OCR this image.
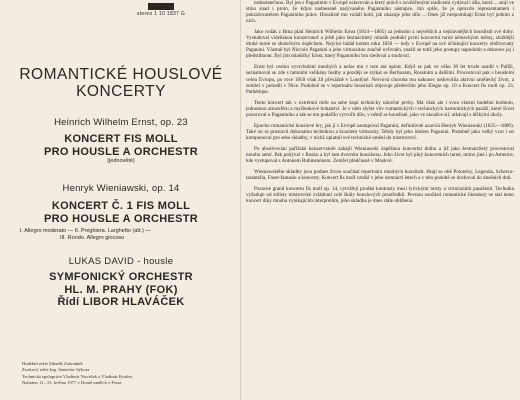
stereo 1 10 1837 G
ROMANTICKÉ HOUSLOVÉ
KONCERTY
Heinrich Wilhelm Ernst, op. 23
KONCERT FIS MOLL
PRO HOUSLE A ORCHESTR
(jednověté)
Henryk Wieniawski, op. 14
KONCERT Č. 1 FIS MOLL
PRO HOUSLE A ORCHESTR
I. Allegro moderato — II. Preghiera. Larghetto (att.) —
III. Rondo. Allegro giocoso
LUKAS DAVID - housle
SYMFONICKÝ ORCHESTR
HL. M. PRAHY (FOK)
Řídí LIBOR HLAVÁČEK
Hudební režie Zdeněk Zahradník
Zvukový režie Ing. Stanislav Sýkora
Technická spolupráce Vladimír Nováček a Vladimír Krafter
Nahráno 11.–13. května 1977 v Domě umělců v Praze

nedostatečnou. Byl jen s Paganinim v Evropě oslavován a který právě s osvědčenými tradicemi vydával i díla, která ... stojí ve stínu snad i proto, že kdysi nadneseně nazývaného Paganiniho nástupce, tím spíše, že je opravdu reprezentantem i pokračovatelem Paganiniho práce. Houslisté mu vzdali hold, jak ukazuje jeho dílo ... Dnes již neopomínají Ernst byl jedním z nich.

Jako rodák z Brna platí Heinrich Wilhelm Ernst (1814—1865) za jednoho z největších a nejslavnějších houslistů své doby. Vystudoval vídeňskou konzervatoř a ještě jako šestnáctiletý mladík podnikl první koncertní turné německými městy, složitější druhé turné se skutečným úspěchem. Nejvíce bádal kolem roku 1830 — tedy v Evropě na své účinkující koncerty obdivovaný Paganini. Vlastně byl Niccolo Paganini a jeho virtuozitou značně ovlivněn, snažil se totiž jeho postupy napodobit a dokonce jej i předstihnout. Byl jím mladičký Ernst, který Paganiniho hru sledoval a studoval.

Ernst byl cestou vyvrcholení mnohých a nelze mu v tom ani upírat. Když se pak ve věku 30 let trvale usadil v Paříži, seznamoval se zde s tamními velikány hudby a později se stýkal se Berliozem, Rossinim a dalšími. Procestoval pak s houslemi celou Evropu, po roce 1850 však žil převážně v Londýně. Nervová choroba mu nakonec nedovolila aktivní umělecký život, a zemřel v pohodlí v Nice. Podobně se v repertoáru houslistů objevuje především jeho Elegie op. 10 a Koncert fis moll op. 23, Pathétique.

Tento koncert tak v extrémní míře na sebe kupí technicky náročné prvky. Má však ale i svou vlastní hudební hodnotu, jednotnou atmosféru a myšlenkové bohatství. Je v něm slyšet vliv romantických i technických harmonických pasáží, které Ernst pozoroval u Paganiniho a tak se mu podařilo vytvořit dílo, v němž se houslisté, jako ve zkoušce sil, utkávají s těžkými úkoly.

Epochu romantické houslové hry, jak ji v Evropě zastupoval Paganini, definitivně uzavírá Henryk Wieniawski (1835—1880). Také on se proslavil dokonalou technikou a kouzlem virtuozity. Tehdy byl jeho idolem Paganini. Podobně jako velký vzor i on komponoval pro sebe skladby, v nichž uplatnil své technické umění do mistrovství.

Po absolvování pařížské konzervatoře zahájil Wieniawski úspěšnou koncertní dráhu a již jako šestnáctiletý procestoval mnoho zemí. Pak pobýval v Rusku a byl tam dvorním houslistou. Jeho život byl plný koncertních turné, mimo jiné i po Americe, kde vystupoval s Antonem Rubinsteinem. Zemřel předčasně v Moskvě.

Wieniawského skladby jsou podnes živou součástí repertoáru mnohých houslistů. Hrají se obě Polonézy, Legenda, Scherzo-tarantella, Faust-fantasie a koncerty. Koncert fis moll vznikl v jeho osmnácti letech a v této podobě se dochoval do dnešních dnů.

Pozorné grand koncertu fis moll op. 14, vytvářejí prudké kontrasty mezi lyrickými místy a virtuózními pasážemi. Technika vyžaduje od sólisty mistrovské zvládnutí celé škály houslových prostředků. Pevnou součástí romantické literatury se stal tento koncert díky mnoha vynikajícím interpretům, jeho skladba je dnes stále oblíbená.
